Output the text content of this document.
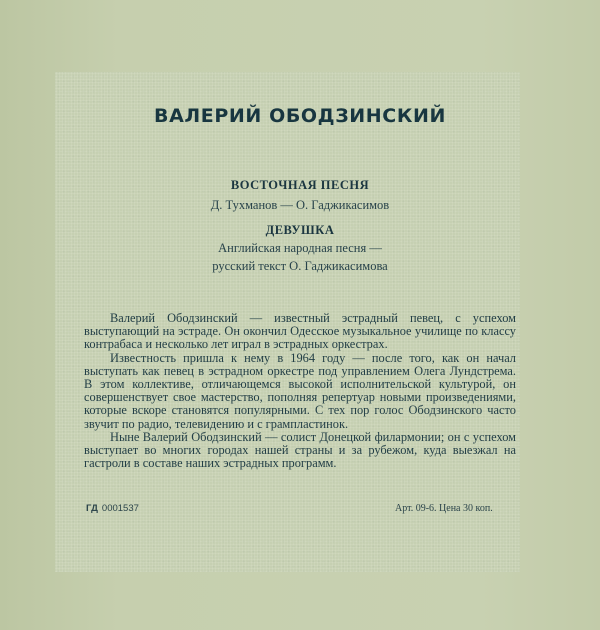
ВАЛЕРИЙ ОБОДЗИНСКИЙ
ВОСТОЧНАЯ ПЕСНЯ
Д. Тухманов — О. Гаджикасимов
ДЕВУШКА
Английская народная песня —
русский текст О. Гаджикасимова

Валерий Ободзинский — известный эстрадный певец, с успехом выступающий на эстраде. Он окончил Одесское музыкальное училище по классу контрабаса и несколько лет играл в эстрадных оркестрах.

Известность пришла к нему в 1964 году — после того, как он начал выступать как певец в эстрадном оркестре под управлением Олега Лундстрема. В этом коллективе, отличающемся высокой исполнительской культурой, он совершенствует свое мастерство, пополняя репертуар новыми произведениями, которые вскоре становятся популярными. С тех пор голос Ободзинского часто звучит по радио, телевидению и с грампластинок.

Ныне Валерий Ободзинский — солист Донецкой филармонии; он с успехом выступает во многих городах нашей страны и за рубежом, куда выезжал на гастроли в составе наших эстрадных программ.

ГД 0001537	Арт. 09-6. Цена 30 коп.
